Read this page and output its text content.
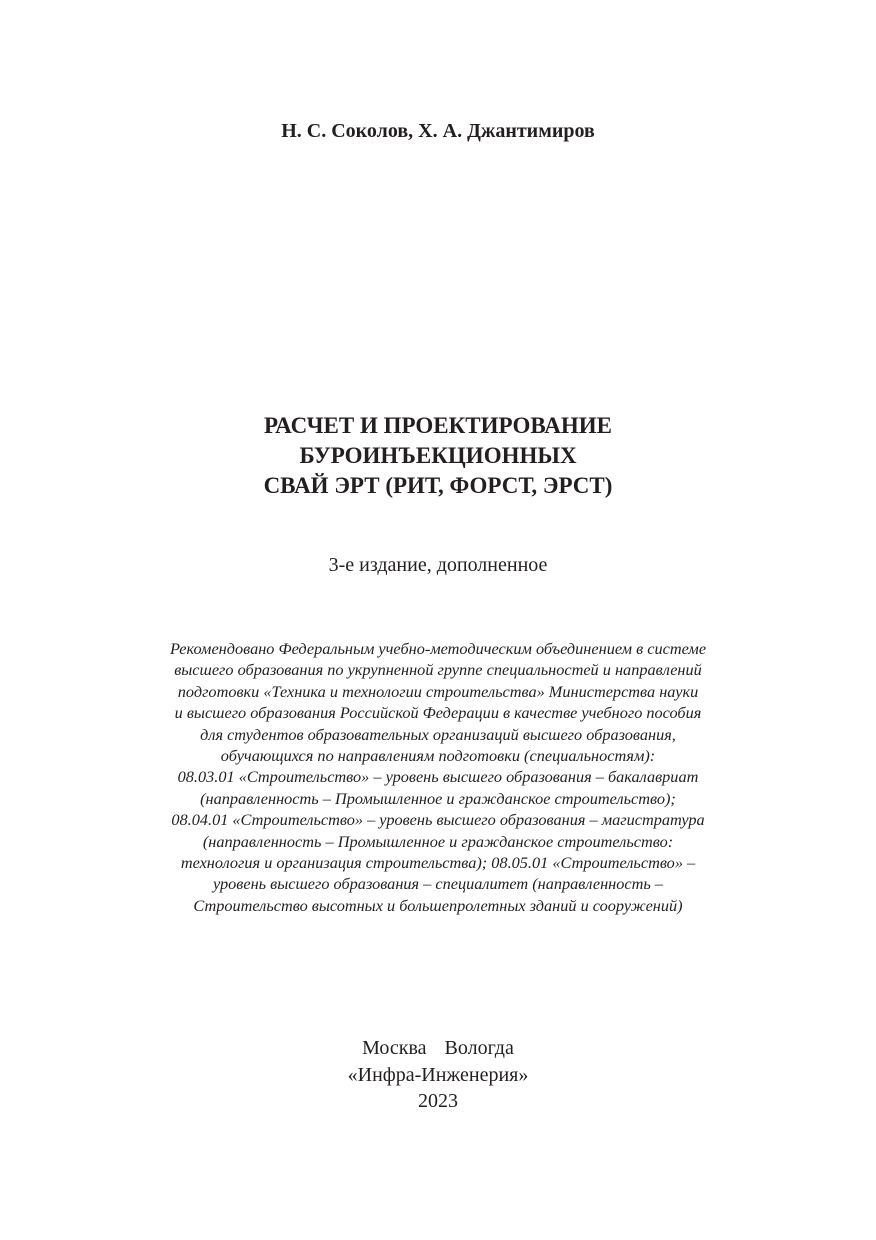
Н. С. Соколов, Х. А. Джантимиров
РАСЧЕТ И ПРОЕКТИРОВАНИЕ
БУРОИНЪЕКЦИОННЫХ
СВАЙ ЭРТ (РИТ, ФОРСТ, ЭРСТ)
3-е издание, дополненное
Рекомендовано Федеральным учебно-методическим объединением в системе
высшего образования по укрупненной группе специальностей и направлений
подготовки «Техника и технологии строительства» Министерства науки
и высшего образования Российской Федерации в качестве учебного пособия
для студентов образовательных организаций высшего образования,
обучающихся по направлениям подготовки (специальностям):
08.03.01 «Строительство» – уровень высшего образования – бакалавриат
(направленность – Промышленное и гражданское строительство);
08.04.01 «Строительство» – уровень высшего образования – магистратура
(направленность – Промышленное и гражданское строительство:
технология и организация строительства); 08.05.01 «Строительство» –
уровень высшего образования – специалитет (направленность –
Строительство высотных и большепролетных зданий и сооружений)
Москва Вологда
«Инфра-Инженерия»
2023
